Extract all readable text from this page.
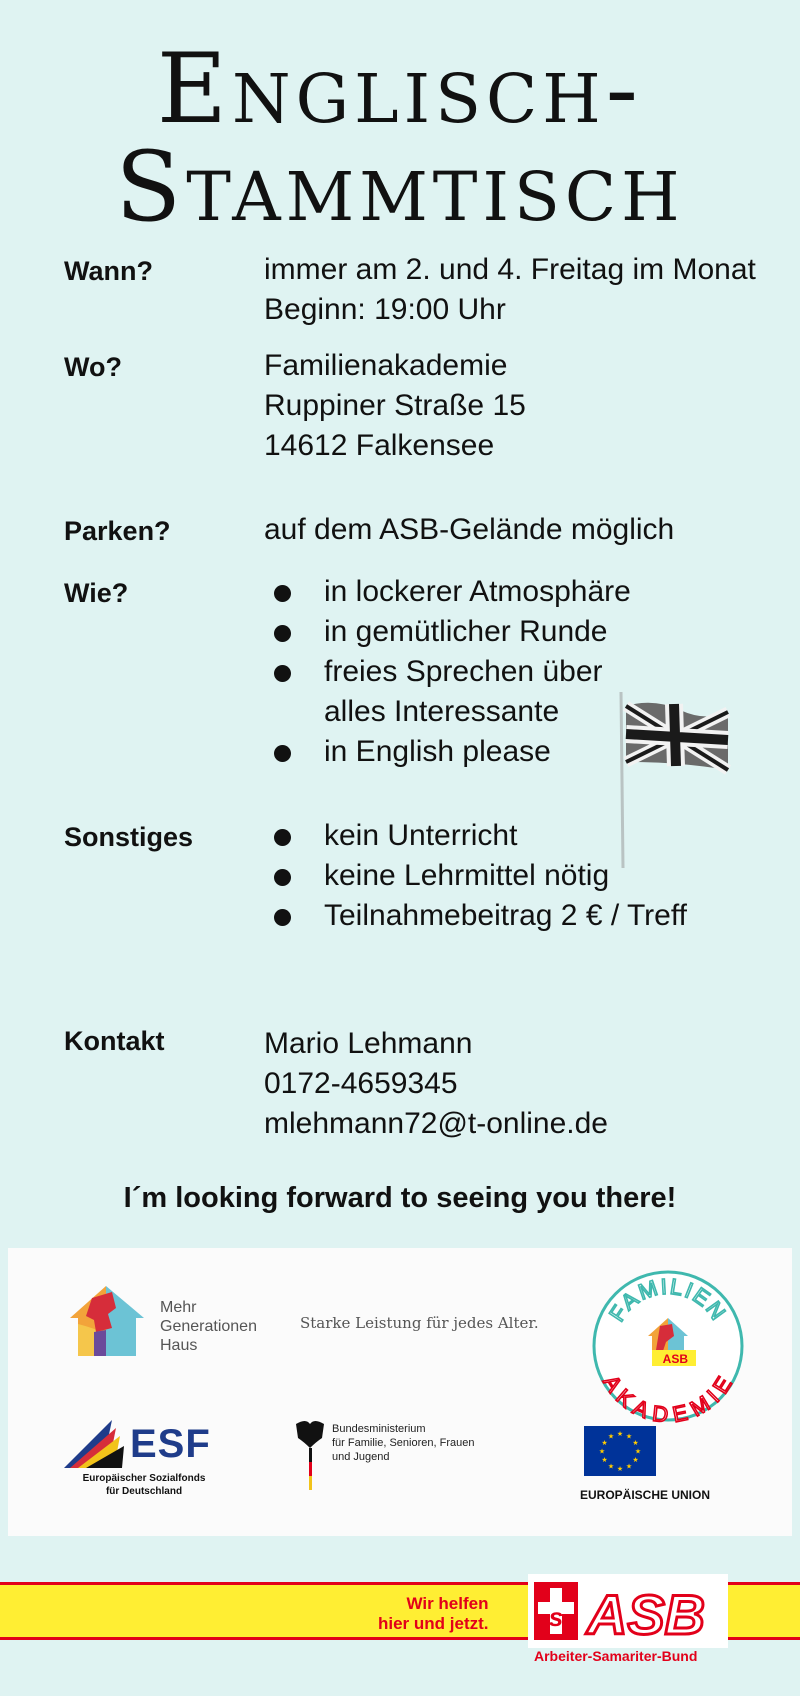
Englisch-
Stammtisch
Wann?	immer am 2. und 4. Freitag im Monat
Beginn: 19:00 Uhr
Wo?	Familienakademie
Ruppiner Straße 15
14612 Falkensee
Parken?	auf dem ASB-Gelände möglich
Wie?	in lockerer Atmosphäre
in gemütlicher Runde
freies Sprechen über
alles Interessante
in English please
Sonstiges	kein Unterricht
keine Lehrmittel nötig
Teilnahmebeitrag 2 € / Treff
Kontakt	Mario Lehmann
0172-4659345
mlehmann72@t-online.de
I´m looking forward to seeing you there!
Mehr
Generationen
Haus
Starke Leistung für jedes Alter.	FAMILIEN
AKADEMIE
ASB
ESF
Europäischer Sozialfonds
für Deutschland
Bundesministerium
für Familie, Senioren, Frauen
und Jugend
★ ★
★
★
★
★
★
★
★
★
★
★
EUROPÄISCHE UNION
Wir helfen
hier und jetzt. s ASB
Arbeiter-Samariter-Bund
